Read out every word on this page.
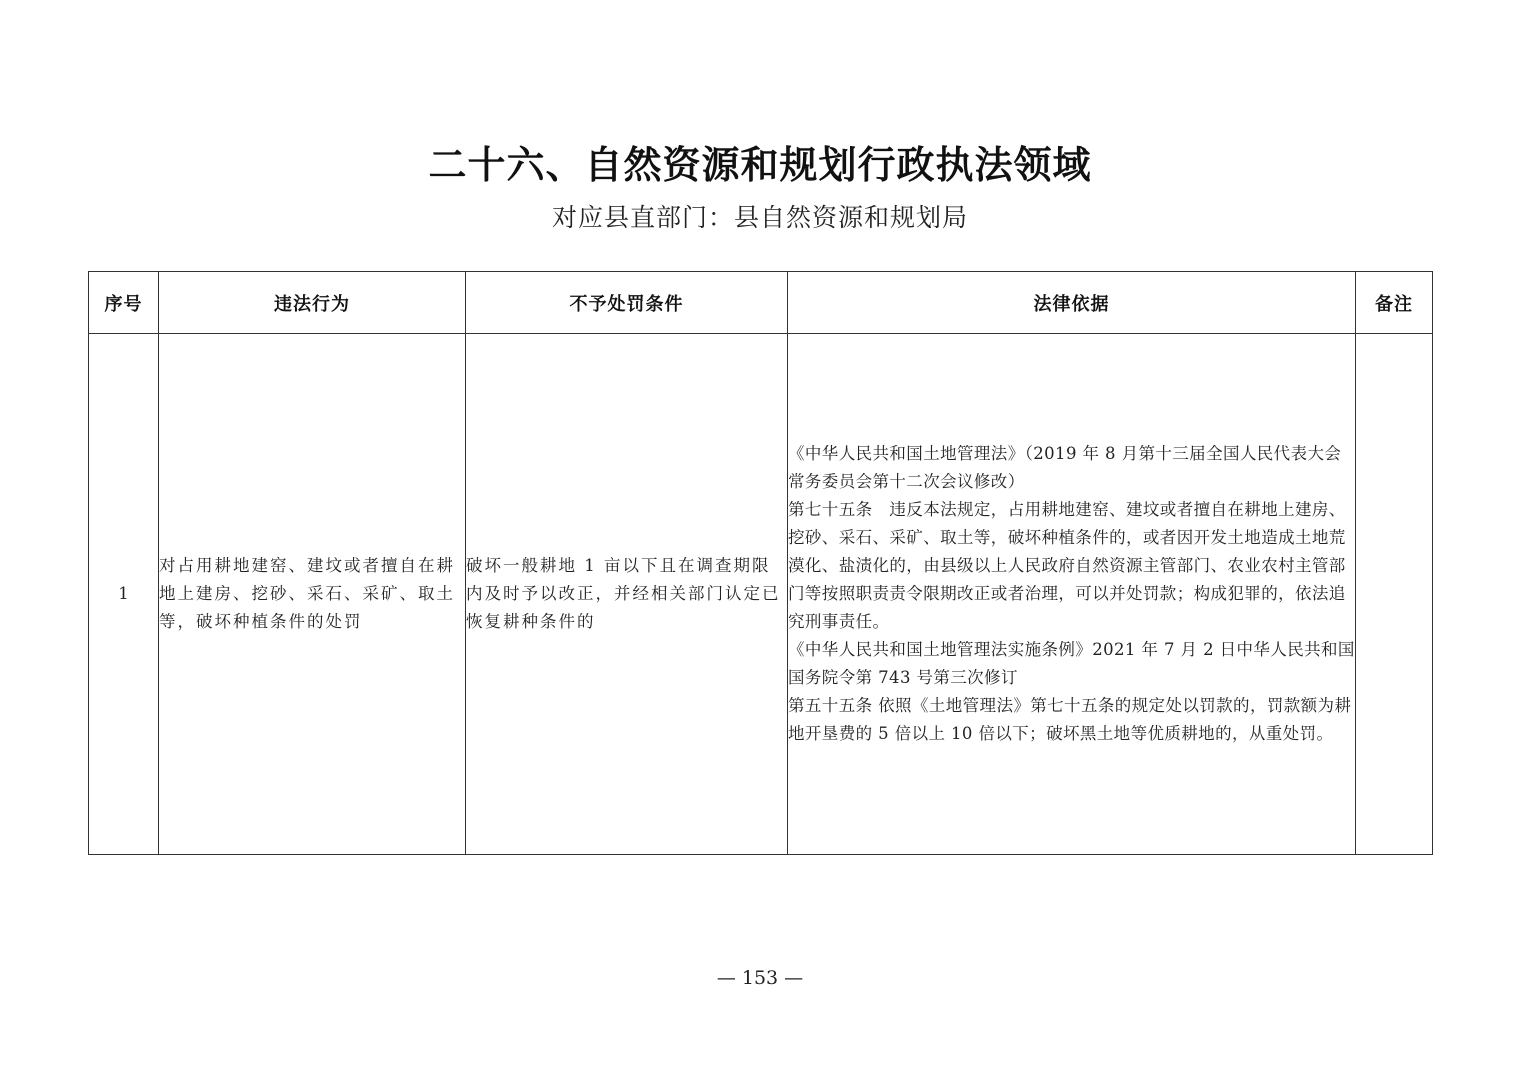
二十六、自然资源和规划行政执法领域
对应县直部门：县自然资源和规划局
序号	违法行为	不予处罚条件	法律依据	备注
1	对占用耕地建窑、建坟或者擅自在耕地上建房、挖砂、采石、采矿、取土等，破坏种植条件的处罚	破坏一般耕地 1 亩以下且在调查期限内及时予以改正，并经相关部门认定已恢复耕种条件的	《中华人民共和国土地管理法》（2019 年 8 月第十三届全国人民代表大会常务委员会第十二次会议修改）
第七十五条　违反本法规定，占用耕地建窑、建坟或者擅自在耕地上建房、挖砂、采石、采矿、取土等，破坏种植条件的，或者因开发土地造成土地荒漠化、盐渍化的，由县级以上人民政府自然资源主管部门、农业农村主管部门等按照职责责令限期改正或者治理，可以并处罚款；构成犯罪的，依法追究刑事责任。
《中华人民共和国土地管理法实施条例》2021 年 7 月 2 日中华人民共和国国务院令第 743 号第三次修订
第五十五条 依照《土地管理法》第七十五条的规定处以罚款的，罚款额为耕地开垦费的 5 倍以上 10 倍以下；破坏黑土地等优质耕地的，从重处罚。	

— 153 —
